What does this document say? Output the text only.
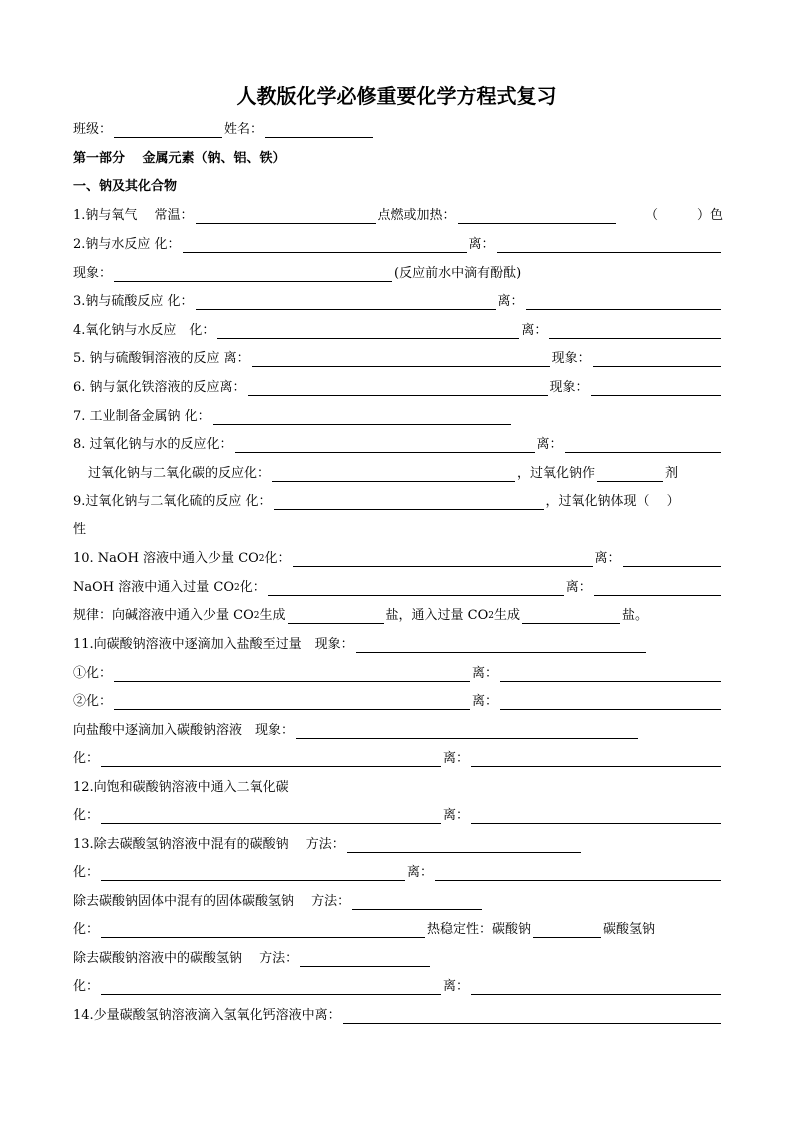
人教版化学必修重要化学方程式复习
班级：	姓名：
第一部分　 金属元素（钠、铝、铁）
一、钠及其化合物
1.钠与氧气　 常温：	点燃或加热：	（　　　）色
2.钠与水反应 化：	离：
现象：	(反应前水中滴有酚酞)
3.钠与硫酸反应 化：	离：
4.氧化钠与水反应　化：	离：
5. 钠与硫酸铜溶液的反应 离：	现象：
6. 钠与氯化铁溶液的反应离：	现象：
7. 工业制备金属钠 化：
8. 过氧化钠与水的反应化：	离：
过氧化钠与二氧化碳的反应化：	，过氧化钠作	剂
9.过氧化钠与二氧化硫的反应 化：	，过氧化钠体现（　 ）
性
10. NaOH 溶液中通入少量 CO 2 化：	离：
NaOH 溶液中通入过量 CO 2 化：	离：
规律：向碱溶液中通入少量 CO 2 生成	盐，通入过量 CO 2 生成	盐。
11.向碳酸钠溶液中逐滴加入盐酸至过量　现象：
①化：	离：
②化：	离：
向盐酸中逐滴加入碳酸钠溶液　现象：
化：	离：
12.向饱和碳酸钠溶液中通入二氧化碳
化：	离：
13.除去碳酸氢钠溶液中混有的碳酸钠　 方法：
化：	离：
除去碳酸钠固体中混有的固体碳酸氢钠　 方法：
化：	热稳定性：碳酸钠	碳酸氢钠
除去碳酸钠溶液中的碳酸氢钠　 方法：
化：	离：
14.少量碳酸氢钠溶液滴入氢氧化钙溶液中离：
